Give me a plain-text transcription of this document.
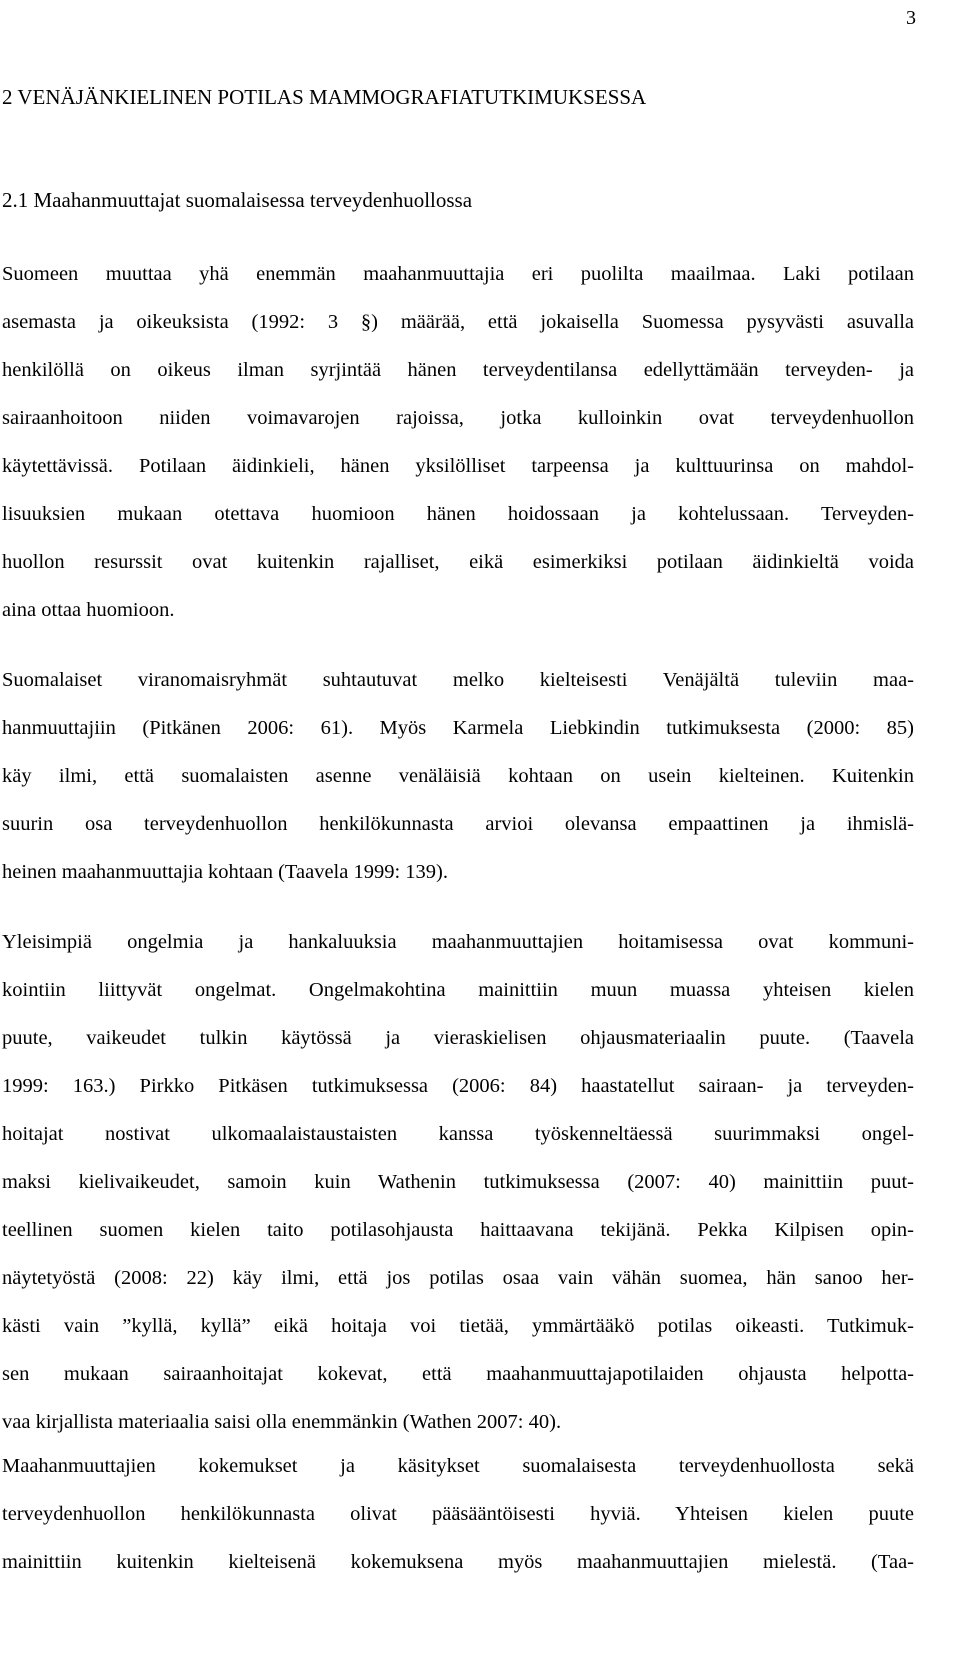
3
2 VENÄJÄNKIELINEN POTILAS MAMMOGRAFIATUTKIMUKSESSA
2.1 Maahanmuuttajat suomalaisessa terveydenhuollossa
Suomeen muuttaa yhä enemmän maahanmuuttajia eri puolilta maailmaa. Laki potilaan
asemasta ja oikeuksista (1992: 3 §) määrää, että jokaisella Suomessa pysyvästi asuvalla
henkilöllä on oikeus ilman syrjintää hänen terveydentilansa edellyttämään terveyden- ja
sairaanhoitoon niiden voimavarojen rajoissa, jotka kulloinkin ovat terveydenhuollon
käytettävissä. Potilaan äidinkieli, hänen yksilölliset tarpeensa ja kulttuurinsa on mahdol-
lisuuksien mukaan otettava huomioon hänen hoidossaan ja kohtelussaan. Terveyden-
huollon resurssit ovat kuitenkin rajalliset, eikä esimerkiksi potilaan äidinkieltä voida
aina ottaa huomioon.
Suomalaiset viranomaisryhmät suhtautuvat melko kielteisesti Venäjältä tuleviin maa-
hanmuuttajiin (Pitkänen 2006: 61). Myös Karmela Liebkindin tutkimuksesta (2000: 85)
käy ilmi, että suomalaisten asenne venäläisiä kohtaan on usein kielteinen. Kuitenkin
suurin osa terveydenhuollon henkilökunnasta arvioi olevansa empaattinen ja ihmislä-
heinen maahanmuuttajia kohtaan (Taavela 1999: 139).
Yleisimpiä ongelmia ja hankaluuksia maahanmuuttajien hoitamisessa ovat kommuni-
kointiin liittyvät ongelmat. Ongelmakohtina mainittiin muun muassa yhteisen kielen
puute, vaikeudet tulkin käytössä ja vieraskielisen ohjausmateriaalin puute. (Taavela
1999: 163.) Pirkko Pitkäsen tutkimuksessa (2006: 84) haastatellut sairaan- ja terveyden-
hoitajat nostivat ulkomaalaistaustaisten kanssa työskenneltäessä suurimmaksi ongel-
maksi kielivaikeudet, samoin kuin Wathenin tutkimuksessa (2007: 40) mainittiin puut-
teellinen suomen kielen taito potilasohjausta haittaavana tekijänä. Pekka Kilpisen opin-
näytetyöstä (2008: 22) käy ilmi, että jos potilas osaa vain vähän suomea, hän sanoo her-
kästi vain ”kyllä, kyllä” eikä hoitaja voi tietää, ymmärtääkö potilas oikeasti. Tutkimuk-
sen mukaan sairaanhoitajat kokevat, että maahanmuuttajapotilaiden ohjausta helpotta-
vaa kirjallista materiaalia saisi olla enemmänkin (Wathen 2007: 40).
Maahanmuuttajien kokemukset ja käsitykset suomalaisesta terveydenhuollosta sekä
terveydenhuollon henkilökunnasta olivat pääsääntöisesti hyviä. Yhteisen kielen puute
mainittiin kuitenkin kielteisenä kokemuksena myös maahanmuuttajien mielestä. (Taa-
